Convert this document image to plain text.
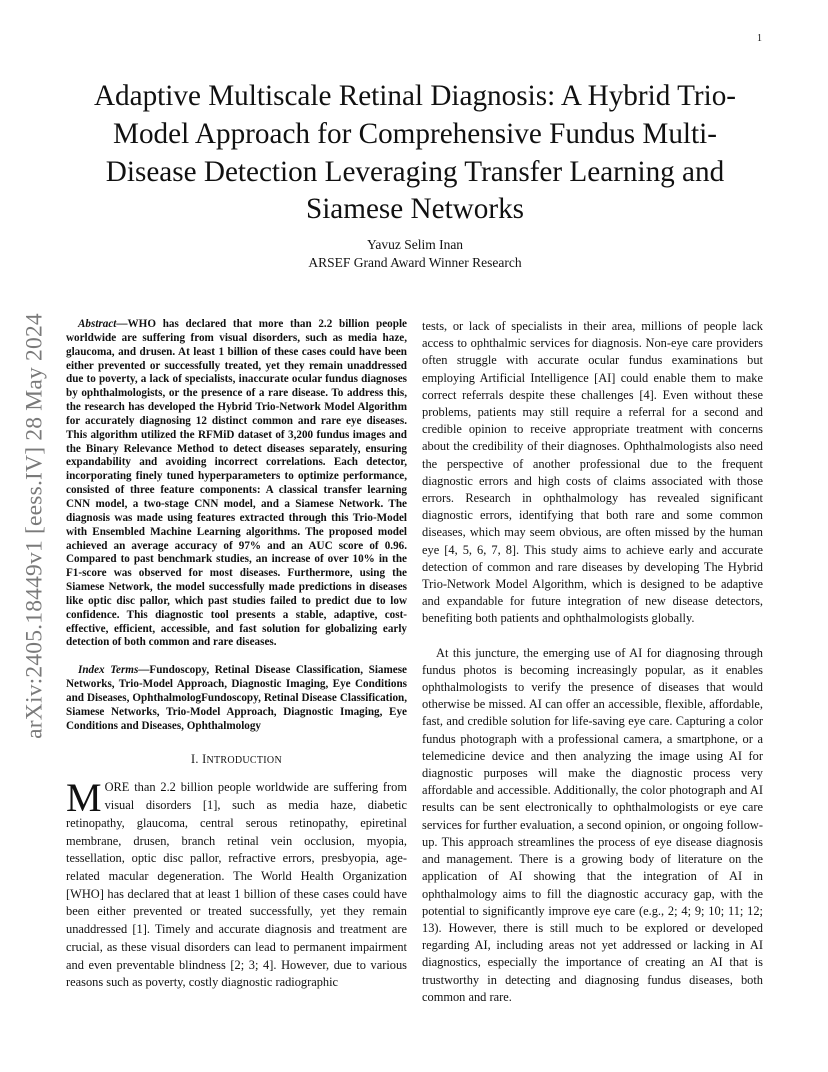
1
arXiv:2405.18449v1 [eess.IV] 28 May 2024
Adaptive Multiscale Retinal Diagnosis: A Hybrid Trio-Model Approach for Comprehensive Fundus Multi-Disease Detection Leveraging Transfer Learning and Siamese Networks
Yavuz Selim Inan
ARSEF Grand Award Winner Research

Abstract—WHO has declared that more than 2.2 billion people worldwide are suffering from visual disorders, such as media haze, glaucoma, and drusen. At least 1 billion of these cases could have been either prevented or successfully treated, yet they remain unaddressed due to poverty, a lack of specialists, inaccurate ocular fundus diagnoses by ophthalmologists, or the presence of a rare disease. To address this, the research has developed the Hybrid Trio-Network Model Algorithm for accurately diagnosing 12 distinct common and rare eye diseases. This algorithm utilized the RFMiD dataset of 3,200 fundus images and the Binary Relevance Method to detect diseases separately, ensuring expandability and avoiding incorrect correlations. Each detector, incorporating finely tuned hyperparameters to optimize performance, consisted of three feature components: A classical transfer learning CNN model, a two-stage CNN model, and a Siamese Network. The diagnosis was made using features extracted through this Trio-Model with Ensembled Machine Learning algorithms. The proposed model achieved an average accuracy of 97% and an AUC score of 0.96. Compared to past benchmark studies, an increase of over 10% in the F1-score was observed for most diseases. Furthermore, using the Siamese Network, the model successfully made predictions in diseases like optic disc pallor, which past studies failed to predict due to low confidence. This diagnostic tool presents a stable, adaptive, cost-effective, efficient, accessible, and fast solution for globalizing early detection of both common and rare diseases.

Index Terms—Fundoscopy, Retinal Disease Classification, Siamese Networks, Trio-Model Approach, Diagnostic Imaging, Eye Conditions and Diseases, OphthalmologFundoscopy, Retinal Disease Classification, Siamese Networks, Trio-Model Approach, Diagnostic Imaging, Eye Conditions and Diseases, Ophthalmology

I. INTRODUCTION

MORE than 2.2 billion people worldwide are suffering from visual disorders [1], such as media haze, diabetic retinopathy, glaucoma, central serous retinopathy, epiretinal membrane, drusen, branch retinal vein occlusion, myopia, tessellation, optic disc pallor, refractive errors, presbyopia, age-related macular degeneration. The World Health Organization [WHO] has declared that at least 1 billion of these cases could have been either prevented or treated successfully, yet they remain unaddressed [1]. Timely and accurate diagnosis and treatment are crucial, as these visual disorders can lead to permanent impairment and even preventable blindness [2; 3; 4]. However, due to various reasons such as poverty, costly diagnostic radiographic

tests, or lack of specialists in their area, millions of people lack access to ophthalmic services for diagnosis. Non-eye care providers often struggle with accurate ocular fundus examinations but employing Artificial Intelligence [AI] could enable them to make correct referrals despite these challenges [4]. Even without these problems, patients may still require a referral for a second and credible opinion to receive appropriate treatment with concerns about the credibility of their diagnoses. Ophthalmologists also need the perspective of another professional due to the frequent diagnostic errors and high costs of claims associated with those errors. Research in ophthalmology has revealed significant diagnostic errors, identifying that both rare and some common diseases, which may seem obvious, are often missed by the human eye [4, 5, 6, 7, 8]. This study aims to achieve early and accurate detection of common and rare diseases by developing The Hybrid Trio-Network Model Algorithm, which is designed to be adaptive and expandable for future integration of new disease detectors, benefiting both patients and ophthalmologists globally.

At this juncture, the emerging use of AI for diagnosing through fundus photos is becoming increasingly popular, as it enables ophthalmologists to verify the presence of diseases that would otherwise be missed. AI can offer an accessible, flexible, affordable, fast, and credible solution for life-saving eye care. Capturing a color fundus photograph with a professional camera, a smartphone, or a telemedicine device and then analyzing the image using AI for diagnostic purposes will make the diagnostic process very affordable and accessible. Additionally, the color photograph and AI results can be sent electronically to ophthalmologists or eye care services for further evaluation, a second opinion, or ongoing follow-up. This approach streamlines the process of eye disease diagnosis and management. There is a growing body of literature on the application of AI showing that the integration of AI in ophthalmology aims to fill the diagnostic accuracy gap, with the potential to significantly improve eye care (e.g., 2; 4; 9; 10; 11; 12; 13). However, there is still much to be explored or developed regarding AI, including areas not yet addressed or lacking in AI diagnostics, especially the importance of creating an AI that is trustworthy in detecting and diagnosing fundus diseases, both common and rare.
